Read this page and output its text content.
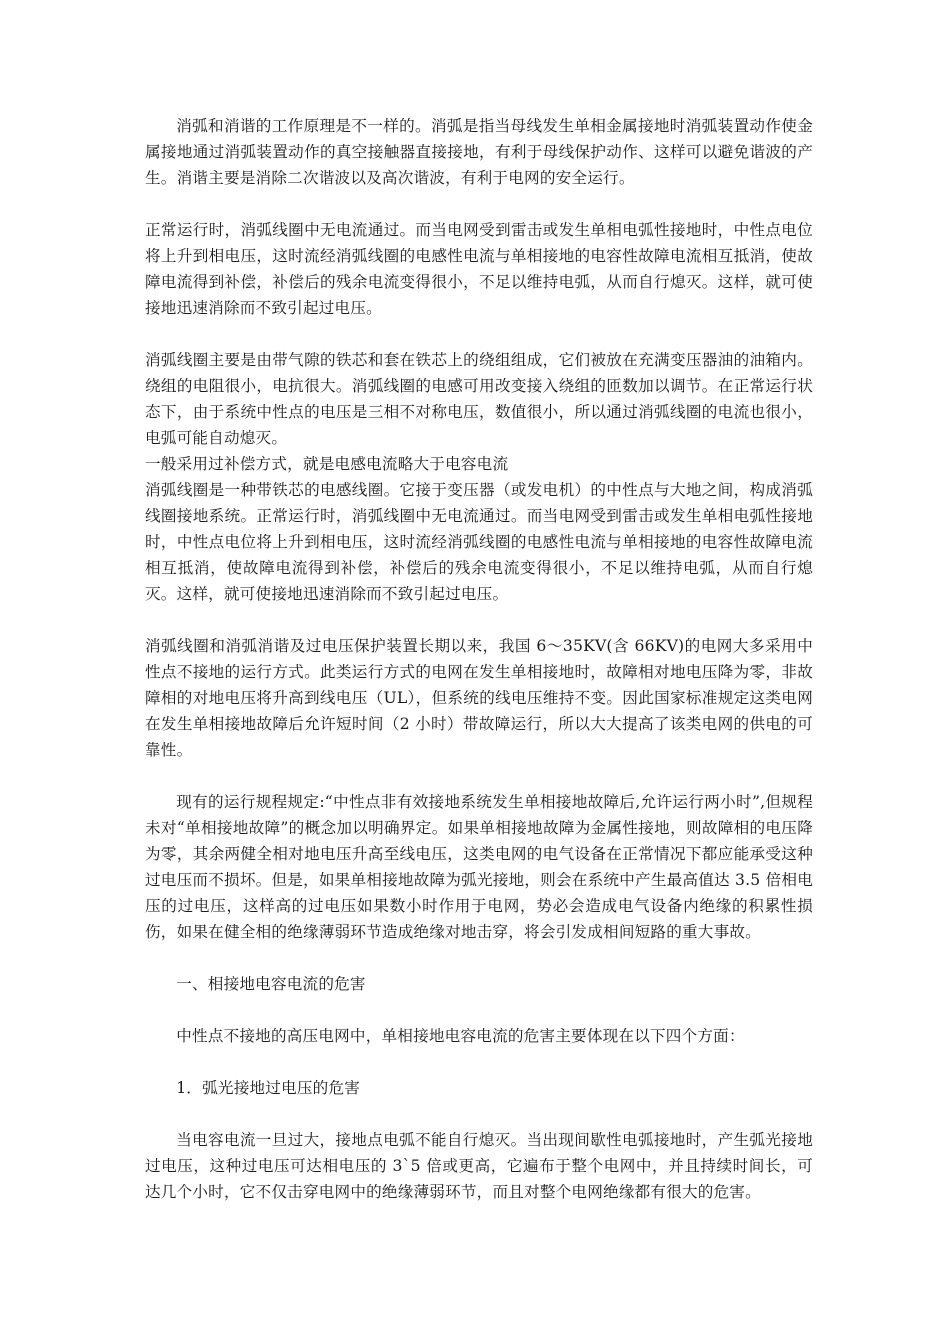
消弧和消谐的工作原理是不一样的。消弧是指当母线发生单相金属接地时消弧装置动作使金属接地通过消弧装置动作的真空接触器直接接地，有利于母线保护动作、这样可以避免谐波的产生。消谐主要是消除二次谐波以及高次谐波，有利于电网的安全运行。

正常运行时，消弧线圈中无电流通过。而当电网受到雷击或发生单相电弧性接地时，中性点电位将上升到相电压，这时流经消弧线圈的电感性电流与单相接地的电容性故障电流相互抵消，使故障电流得到补偿，补偿后的残余电流变得很小，不足以维持电弧，从而自行熄灭。这样，就可使接地迅速消除而不致引起过电压。

消弧线圈主要是由带气隙的铁芯和套在铁芯上的绕组组成，它们被放在充满变压器油的油箱内。绕组的电阻很小，电抗很大。消弧线圈的电感可用改变接入绕组的匝数加以调节。在正常运行状态下，由于系统中性点的电压是三相不对称电压，数值很小，所以通过消弧线圈的电流也很小，电弧可能自动熄灭。

一般采用过补偿方式，就是电感电流略大于电容电流

消弧线圈是一种带铁芯的电感线圈。它接于变压器（或发电机）的中性点与大地之间，构成消弧线圈接地系统。正常运行时，消弧线圈中无电流通过。而当电网受到雷击或发生单相电弧性接地时，中性点电位将上升到相电压，这时流经消弧线圈的电感性电流与单相接地的电容性故障电流相互抵消，使故障电流得到补偿，补偿后的残余电流变得很小，不足以维持电弧，从而自行熄灭。这样，就可使接地迅速消除而不致引起过电压。

消弧线圈和消弧消谐及过电压保护装置长期以来，我国 6～35KV(含 66KV)的电网大多采用中性点不接地的运行方式。此类运行方式的电网在发生单相接地时，故障相对地电压降为零，非故障相的对地电压将升高到线电压（UL），但系统的线电压维持不变。因此国家标准规定这类电网在发生单相接地故障后允许短时间（2 小时）带故障运行，所以大大提高了该类电网的供电的可靠性。

现有的运行规程规定:“中性点非有效接地系统发生单相接地故障后,允许运行两小时”,但规程未对“单相接地故障”的概念加以明确界定。如果单相接地故障为金属性接地，则故障相的电压降为零，其余两健全相对地电压升高至线电压，这类电网的电气设备在正常情况下都应能承受这种过电压而不损坏。但是，如果单相接地故障为弧光接地，则会在系统中产生最高值达 3.5 倍相电压的过电压，这样高的过电压如果数小时作用于电网，势必会造成电气设备内绝缘的积累性损伤，如果在健全相的绝缘薄弱环节造成绝缘对地击穿，将会引发成相间短路的重大事故。

一、相接地电容电流的危害

中性点不接地的高压电网中，单相接地电容电流的危害主要体现在以下四个方面：

1．弧光接地过电压的危害

当电容电流一旦过大，接地点电弧不能自行熄灭。当出现间歇性电弧接地时，产生弧光接地过电压，这种过电压可达相电压的 3`5 倍或更高，它遍布于整个电网中，并且持续时间长，可达几个小时，它不仅击穿电网中的绝缘薄弱环节，而且对整个电网绝缘都有很大的危害。
